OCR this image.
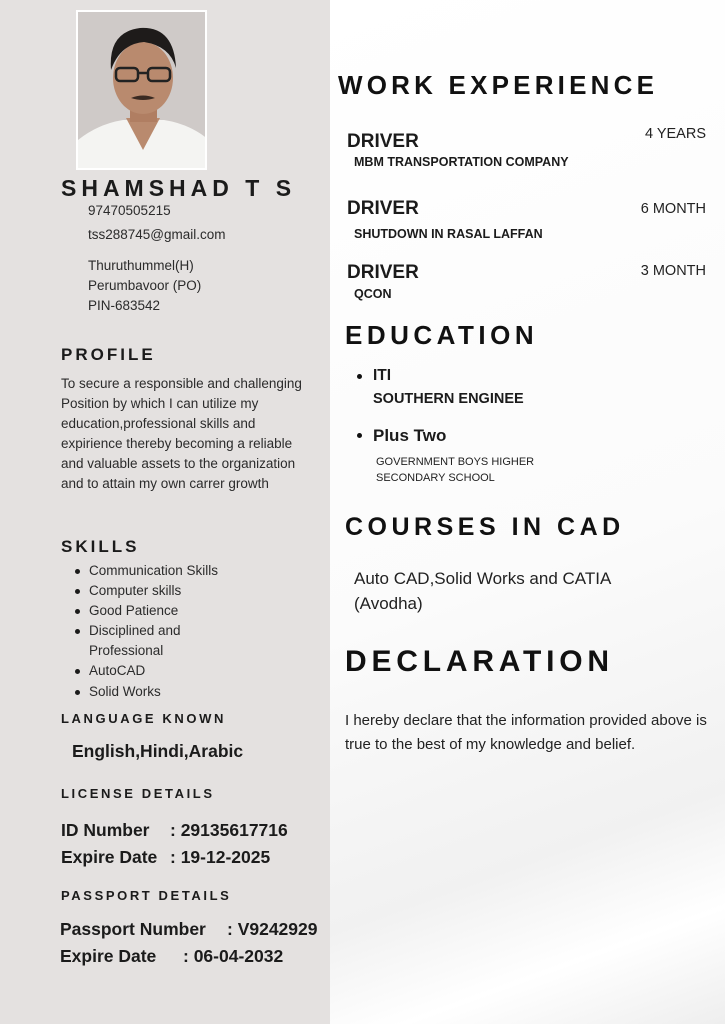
SHAMSHAD T S
97470505215
tss288745@gmail.com
Thuruthummel(H)
Perumbavoor (PO)
PIN-683542
PROFILE
To secure a responsible and challenging Position by which I can utilize my education,professional skills and expirience thereby becoming a reliable and valuable assets to the organization and to attain my own carrer growth
SKILLS
Communication Skills
Computer skills
Good Patience
Disciplined and Professional
AutoCAD
Solid Works
LANGUAGE KNOWN
English,Hindi,Arabic
LICENSE DETAILS
ID Number : 29135617716
Expire Date : 19-12-2025
PASSPORT DETAILS
Passport Number : V9242929
Expire Date : 06-04-2032
WORK EXPERIENCE
DRIVER	4 YEARS
MBM TRANSPORTATION COMPANY
DRIVER	6 MONTH
SHUTDOWN IN RASAL LAFFAN
DRIVER	3 MONTH
QCON
EDUCATION
ITI
SOUTHERN ENGINEE
Plus Two
GOVERNMENT BOYS HIGHER SECONDARY SCHOOL
COURSES IN CAD
Auto CAD,Solid Works and CATIA (Avodha)
DECLARATION
I hereby declare that the information provided above is true to the best of my knowledge and belief.
